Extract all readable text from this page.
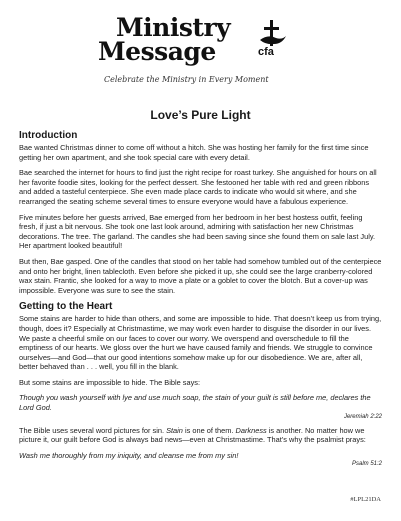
Ministry
Message	cfa
Celebrate the Ministry in Every Moment
Love’s Pure Light
Introduction

Bae wanted Christmas dinner to come off without a hitch. She was hosting her family for the first time since getting her own apartment, and she took special care with every detail.

Bae searched the internet for hours to find just the right recipe for roast turkey. She anguished for hours on all her favorite foodie sites, looking for the perfect dessert. She festooned her table with red and green ribbons and added a tasteful centerpiece. She even made place cards to indicate who would sit where, and she rearranged the seating scheme several times to ensure everyone would have a fabulous experience.

Five minutes before her guests arrived, Bae emerged from her bedroom in her best hostess outfit, feeling fresh, if just a bit nervous. She took one last look around, admiring with satisfaction her new Christmas decorations. The tree. The garland. The candles she had been saving since she found them on sale last July. Her apartment looked beautiful!

But then, Bae gasped. One of the candles that stood on her table had somehow tumbled out of the centerpiece and onto her bright, linen tablecloth. Even before she picked it up, she could see the large cranberry-colored wax stain. Frantic, she looked for a way to move a plate or a goblet to cover the blotch. But a cover-up was impossible. Everyone was sure to see the stain.

Getting to the Heart

Some stains are harder to hide than others, and some are impossible to hide. That doesn’t keep us from trying, though, does it? Especially at Christmastime, we may work even harder to disguise the disorder in our lives. We paste a cheerful smile on our faces to cover our worry. We overspend and overschedule to fill the emptiness of our hearts. We gloss over the hurt we have caused family and friends. We struggle to convince ourselves—and God—that our good intentions somehow make up for our disobedience. We are, after all, better behaved than . . . well, you fill in the blank.

But some stains are impossible to hide. The Bible says:

Though you wash yourself with lye and use much soap, the stain of your guilt is still before me, declares the Lord God.

Jeremiah 2:22

The Bible uses several word pictures for sin. Stain is one of them. Darkness is another. No matter how we picture it, our guilt before God is always bad news—even at Christmastime. That’s why the psalmist prays:

Wash me thoroughly from my iniquity, and cleanse me from my sin!

Psalm 51:2
#LPL21DA
